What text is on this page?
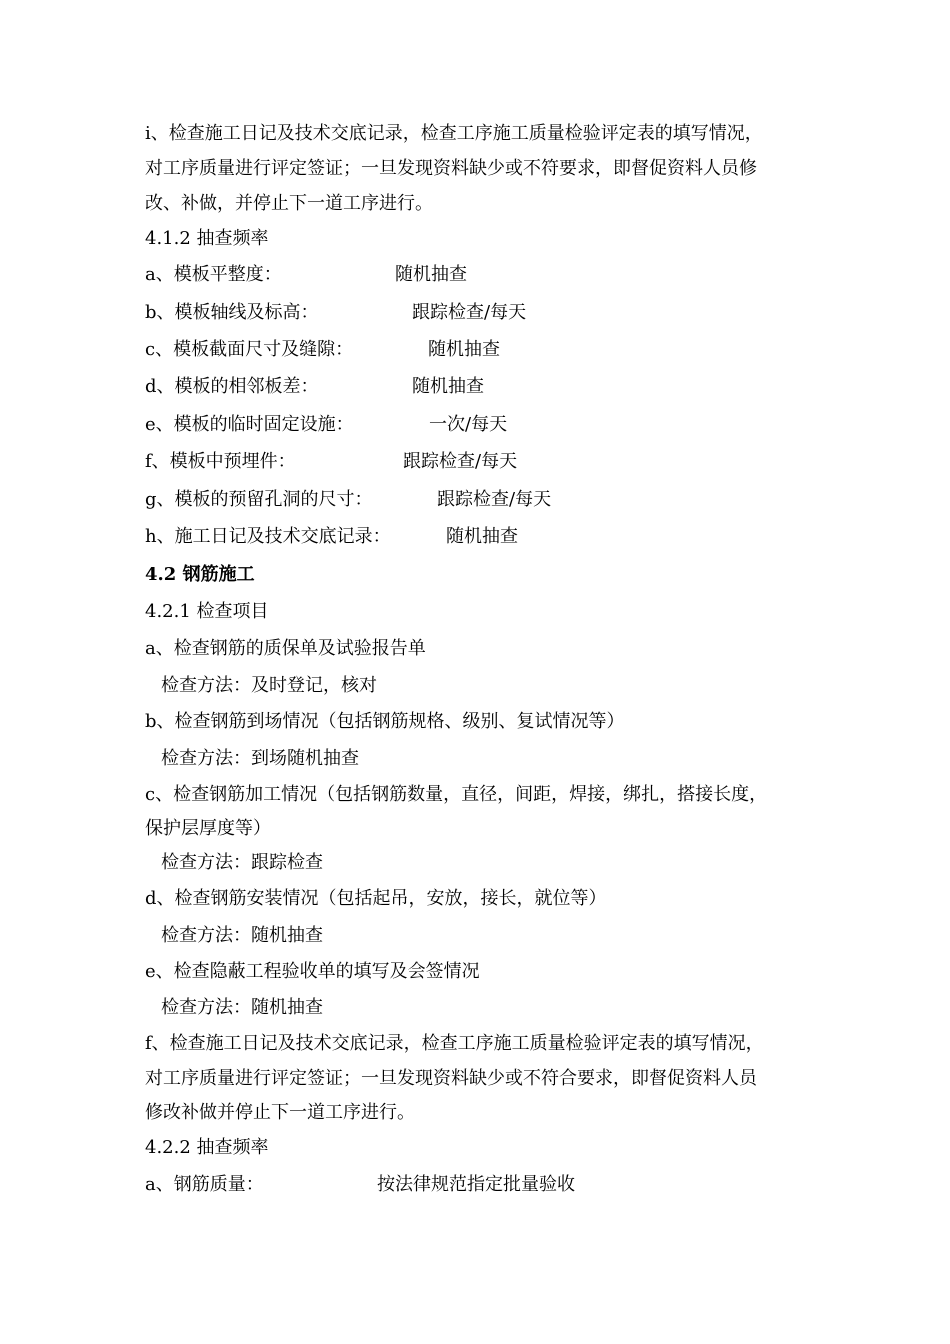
i、检查施工日记及技术交底记录，检查工序施工质量检验评定表的填写情况，
对工序质量进行评定签证；一旦发现资料缺少或不符要求，即督促资料人员修
改、补做，并停止下一道工序进行。
4.1.2 抽查频率
a、模板平整度：	随机抽查
b、模板轴线及标高：	跟踪检查/每天
c、模板截面尺寸及缝隙：	随机抽查
d、模板的相邻板差：	随机抽查
e、模板的临时固定设施：	一次/每天
f、模板中预埋件：	跟踪检查/每天
g、模板的预留孔洞的尺寸：	跟踪检查/每天
h、施工日记及技术交底记录：	随机抽查
4.2 钢筋施工
4.2.1 检查项目
a、检查钢筋的质保单及试验报告单
检查方法：及时登记，核对
b、检查钢筋到场情况（包括钢筋规格、级别、复试情况等）
检查方法：到场随机抽查
c、检查钢筋加工情况（包括钢筋数量，直径，间距，焊接，绑扎，搭接长度，
保护层厚度等）
检查方法：跟踪检查
d、检查钢筋安装情况（包括起吊，安放，接长，就位等）
检查方法：随机抽查
e、检查隐蔽工程验收单的填写及会签情况
检查方法：随机抽查
f、检查施工日记及技术交底记录，检查工序施工质量检验评定表的填写情况，
对工序质量进行评定签证；一旦发现资料缺少或不符合要求，即督促资料人员
修改补做并停止下一道工序进行。
4.2.2 抽查频率
a、钢筋质量：	按法律规范指定批量验收
